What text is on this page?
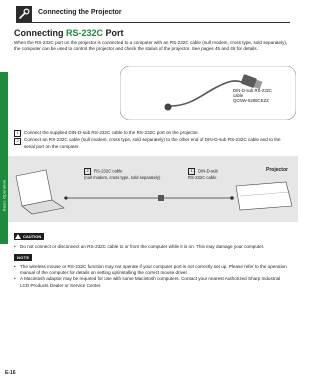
Basic Operation
Connecting the Projector
Connecting RS-232C Port
When the RS-232C port on the projector is connected to a computer with an RS-232C cable (null modem, cross type, sold separately), the computer can be used to control the projector and check the status of the projector. See pages 45 and 46 for details.
DIN-D-sub RS-232C
cable
QCNW-5288CEZZ
1	Connect the supplied DIN-D-sub RS-232C cable to the RS-232C port on the projector.
2	Connect an RS-232C cable (null modem, cross type, sold separately) to the other end of DIN-D-sub RS-232C cable and to the serial port on the computer.
2 RS-232C cable
(null modem, cross type, sold separately)
1 DIN-D-sub
RS-232C cable
Projector
CAUTION
• Do not connect or disconnect an RS-232C cable to or from the computer while it is on. This may damage your computer.
NOTE
• The wireless mouse or RS-232C function may not operate if your computer port is not correctly set up. Please refer to the operation manual of the computer for details on setting up/installing the correct mouse driver.
• A Macintosh adaptor may be required for use with some Macintosh computers. Contact your nearest Authorized Sharp Industrial LCD Products Dealer or Service Center.
E-16
